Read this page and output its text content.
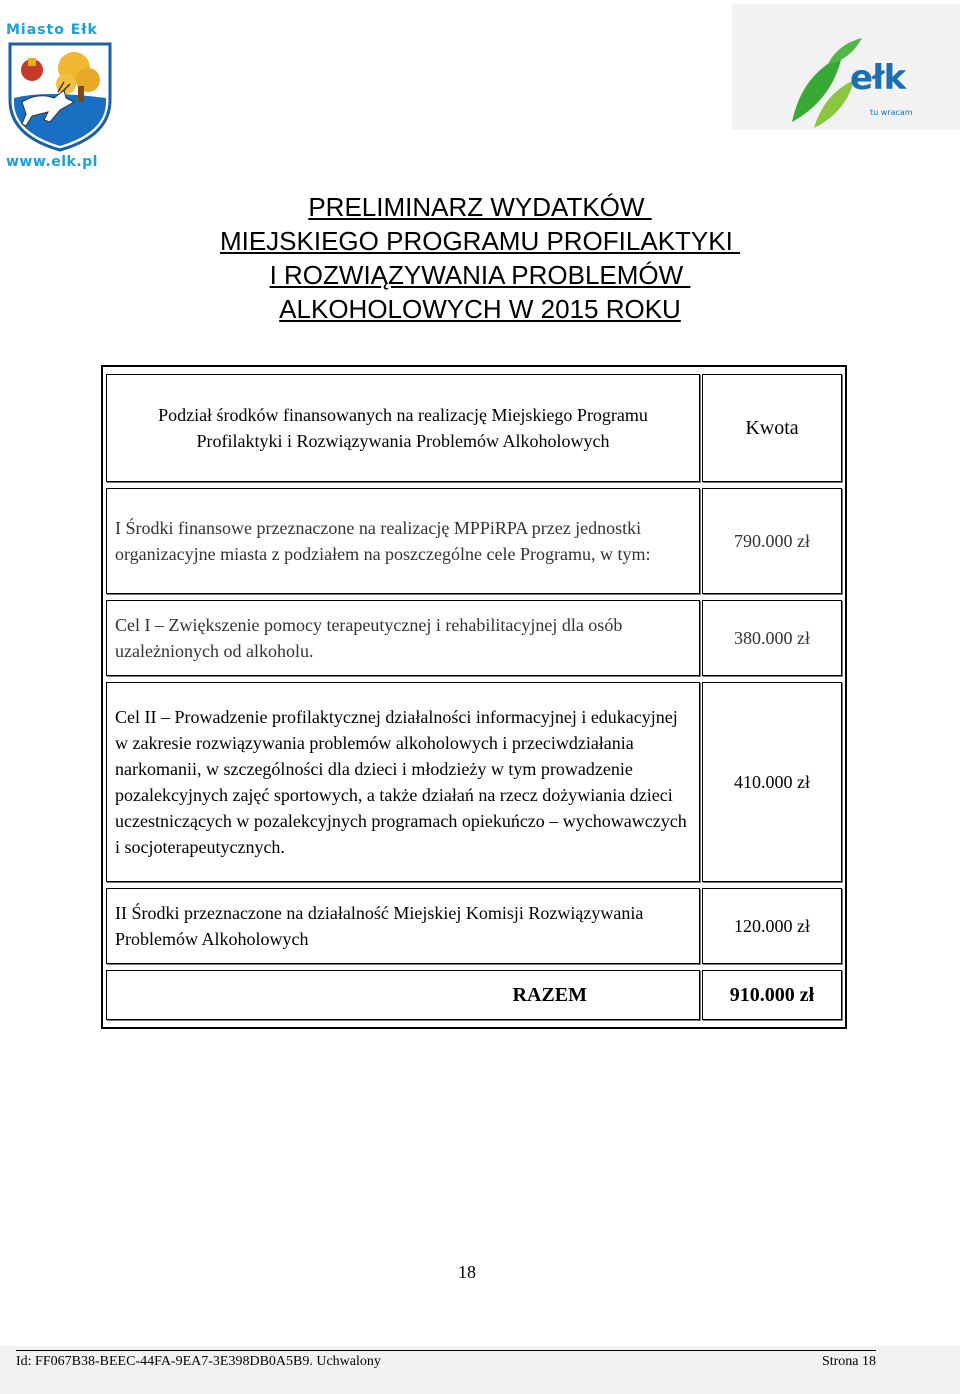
Miasto Ełk
www.elk.pl
ełk
tu wracam
PRELIMINARZ WYDATKÓW
MIEJSKIEGO PROGRAMU PROFILAKTYKI
I ROZWIĄZYWANIA PROBLEMÓW
ALKOHOLOWYCH W 2015 ROKU
Podział środków finansowanych na realizację Miejskiego Programu Profilaktyki i Rozwiązywania Problemów Alkoholowych	Kwota
I Środki finansowe przeznaczone na realizację MPPiRPA przez jednostki organizacyjne miasta z podziałem na poszczególne cele Programu, w tym:	790.000 zł
Cel I – Zwiększenie pomocy terapeutycznej i rehabilitacyjnej dla osób uzależnionych od alkoholu.	380.000 zł
Cel II – Prowadzenie profilaktycznej działalności informacyjnej i edukacyjnej w zakresie rozwiązywania problemów alkoholowych i przeciwdziałania narkomanii, w szczególności dla dzieci i młodzieży w tym prowadzenie pozalekcyjnych zajęć sportowych, a także działań na rzecz dożywiania dzieci uczestniczących w pozalekcyjnych programach opiekuńczo – wychowawczych i socjoterapeutycznych.	410.000 zł
II Środki przeznaczone na działalność Miejskiej Komisji Rozwiązywania Problemów Alkoholowych	120.000 zł
RAZEM	910.000 zł
18
Id: FF067B38-BEEC-44FA-9EA7-3E398DB0A5B9. Uchwalony	Strona 18
